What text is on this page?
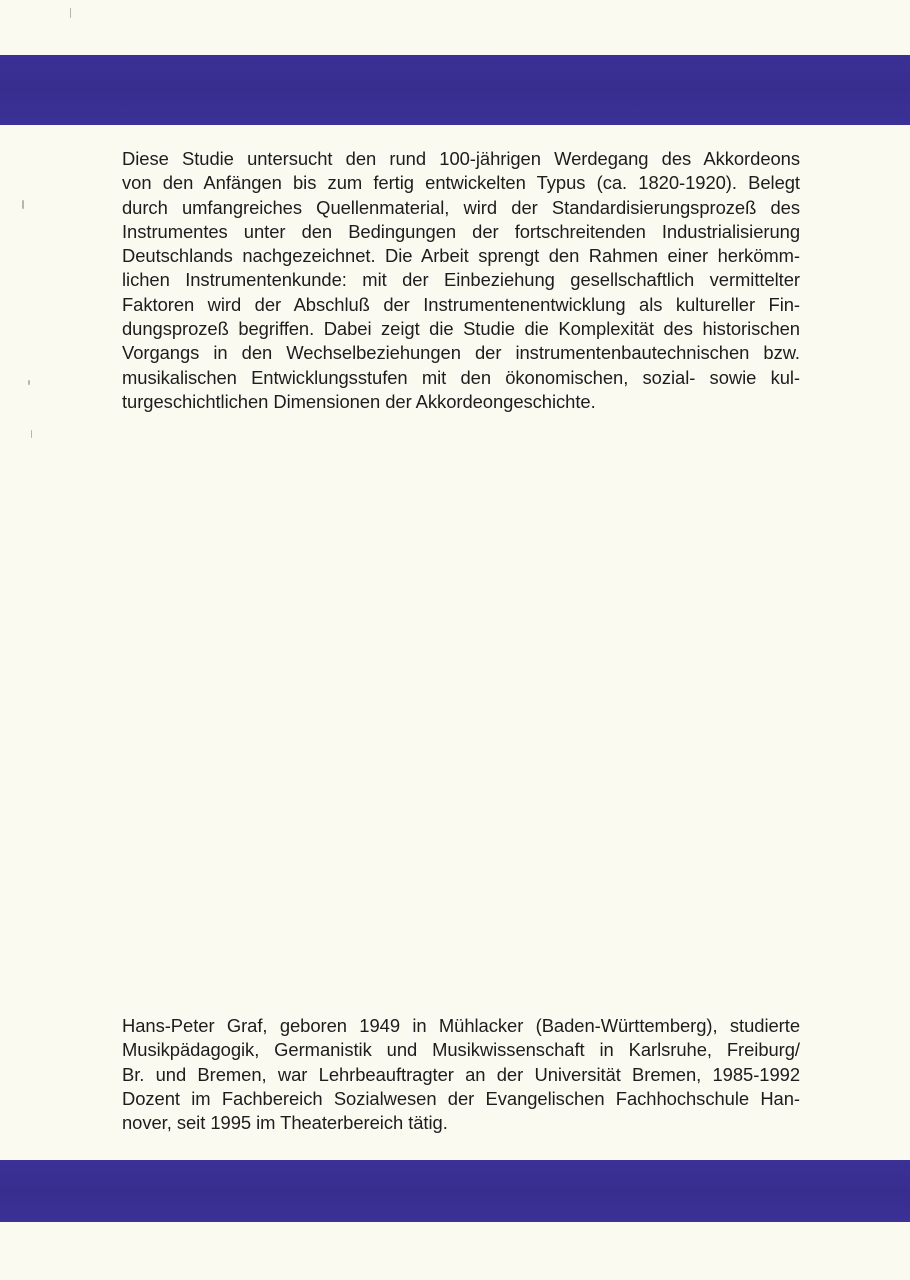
Diese Studie untersucht den rund 100-jährigen Werdegang des Akkordeons
von den Anfängen bis zum fertig entwickelten Typus (ca. 1820-1920). Belegt
durch umfangreiches Quellenmaterial, wird der Standardisierungsprozeß des
Instrumentes unter den Bedingungen der fortschreitenden Industrialisierung
Deutschlands nachgezeichnet. Die Arbeit sprengt den Rahmen einer herkömm-
lichen Instrumentenkunde: mit der Einbeziehung gesellschaftlich vermittelter
Faktoren wird der Abschluß der Instrumentenentwicklung als kultureller Fin-
dungsprozeß begriffen. Dabei zeigt die Studie die Komplexität des historischen
Vorgangs in den Wechselbeziehungen der instrumentenbautechnischen bzw.
musikalischen Entwicklungsstufen mit den ökonomischen, sozial- sowie kul-
turgeschichtlichen Dimensionen der Akkordeongeschichte.
Hans-Peter Graf, geboren 1949 in Mühlacker (Baden-Württemberg), studierte
Musikpädagogik, Germanistik und Musikwissenschaft in Karlsruhe, Freiburg/
Br. und Bremen, war Lehrbeauftragter an der Universität Bremen, 1985-1992
Dozent im Fachbereich Sozialwesen der Evangelischen Fachhochschule Han-
nover, seit 1995 im Theaterbereich tätig.
